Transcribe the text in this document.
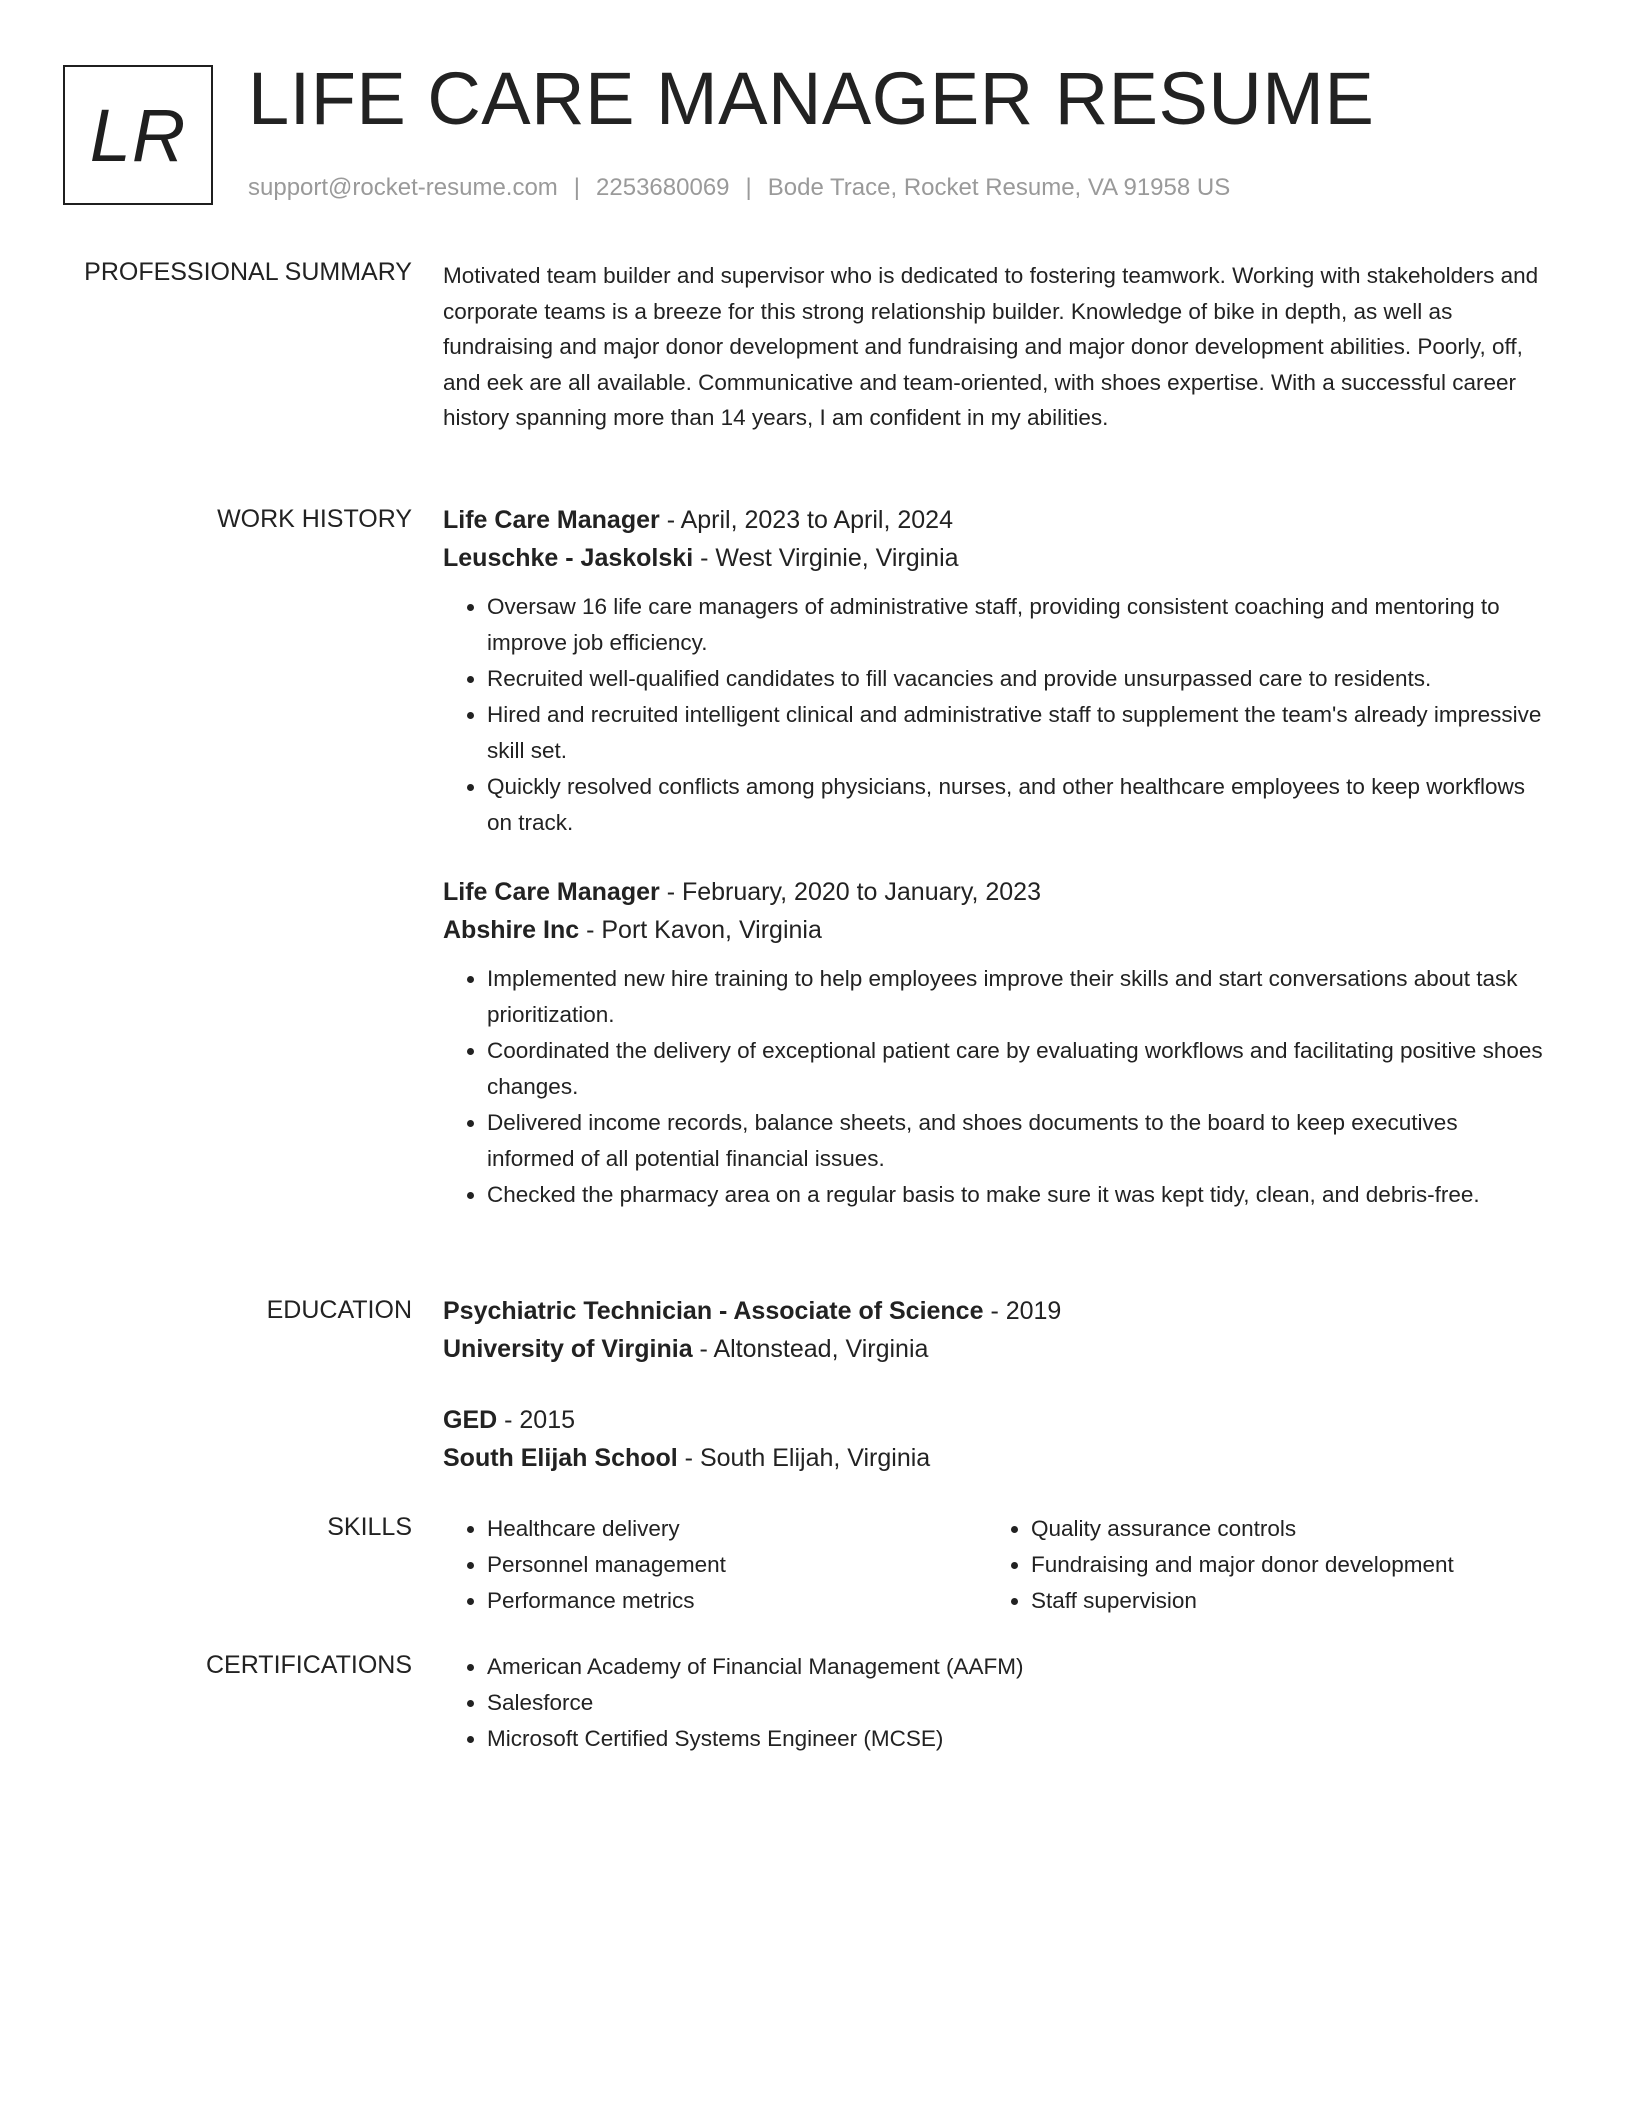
LR LIFE CARE MANAGER RESUME
support@rocket-resume.com | 2253680069 | Bode Trace, Rocket Resume, VA 91958 US
PROFESSIONAL SUMMARY Motivated team builder and supervisor who is dedicated to fostering teamwork. Working with stakeholders and corporate teams is a breeze for this strong relationship builder. Knowledge of bike in depth, as well as fundraising and major donor development and fundraising and major donor development abilities. Poorly, off, and eek are all available. Communicative and team-oriented, with shoes expertise. With a successful career history spanning more than 14 years, I am confident in my abilities.

WORK HISTORY Life Care Manager - April, 2023 to April, 2024
Leuschke - Jaskolski - West Virginie, Virginia
• Oversaw 16 life care managers of administrative staff, providing consistent coaching and mentoring to improve job efficiency.
• Recruited well-qualified candidates to fill vacancies and provide unsurpassed care to residents.
• Hired and recruited intelligent clinical and administrative staff to supplement the team's already impressive skill set.
• Quickly resolved conflicts among physicians, nurses, and other healthcare employees to keep workflows on track.
Life Care Manager - February, 2020 to January, 2023
Abshire Inc - Port Kavon, Virginia
• Implemented new hire training to help employees improve their skills and start conversations about task prioritization.
• Coordinated the delivery of exceptional patient care by evaluating workflows and facilitating positive shoes changes.
• Delivered income records, balance sheets, and shoes documents to the board to keep executives informed of all potential financial issues.
• Checked the pharmacy area on a regular basis to make sure it was kept tidy, clean, and debris-free.
EDUCATION Psychiatric Technician - Associate of Science - 2019
University of Virginia - Altonstead, Virginia
GED - 2015
South Elijah School - South Elijah, Virginia
SKILLS	• Healthcare delivery
• Personnel management
• Performance metrics
• Quality assurance controls
• Fundraising and major donor development
• Staff supervision
CERTIFICATIONS	• American Academy of Financial Management (AAFM)
• Salesforce
• Microsoft Certified Systems Engineer (MCSE)
